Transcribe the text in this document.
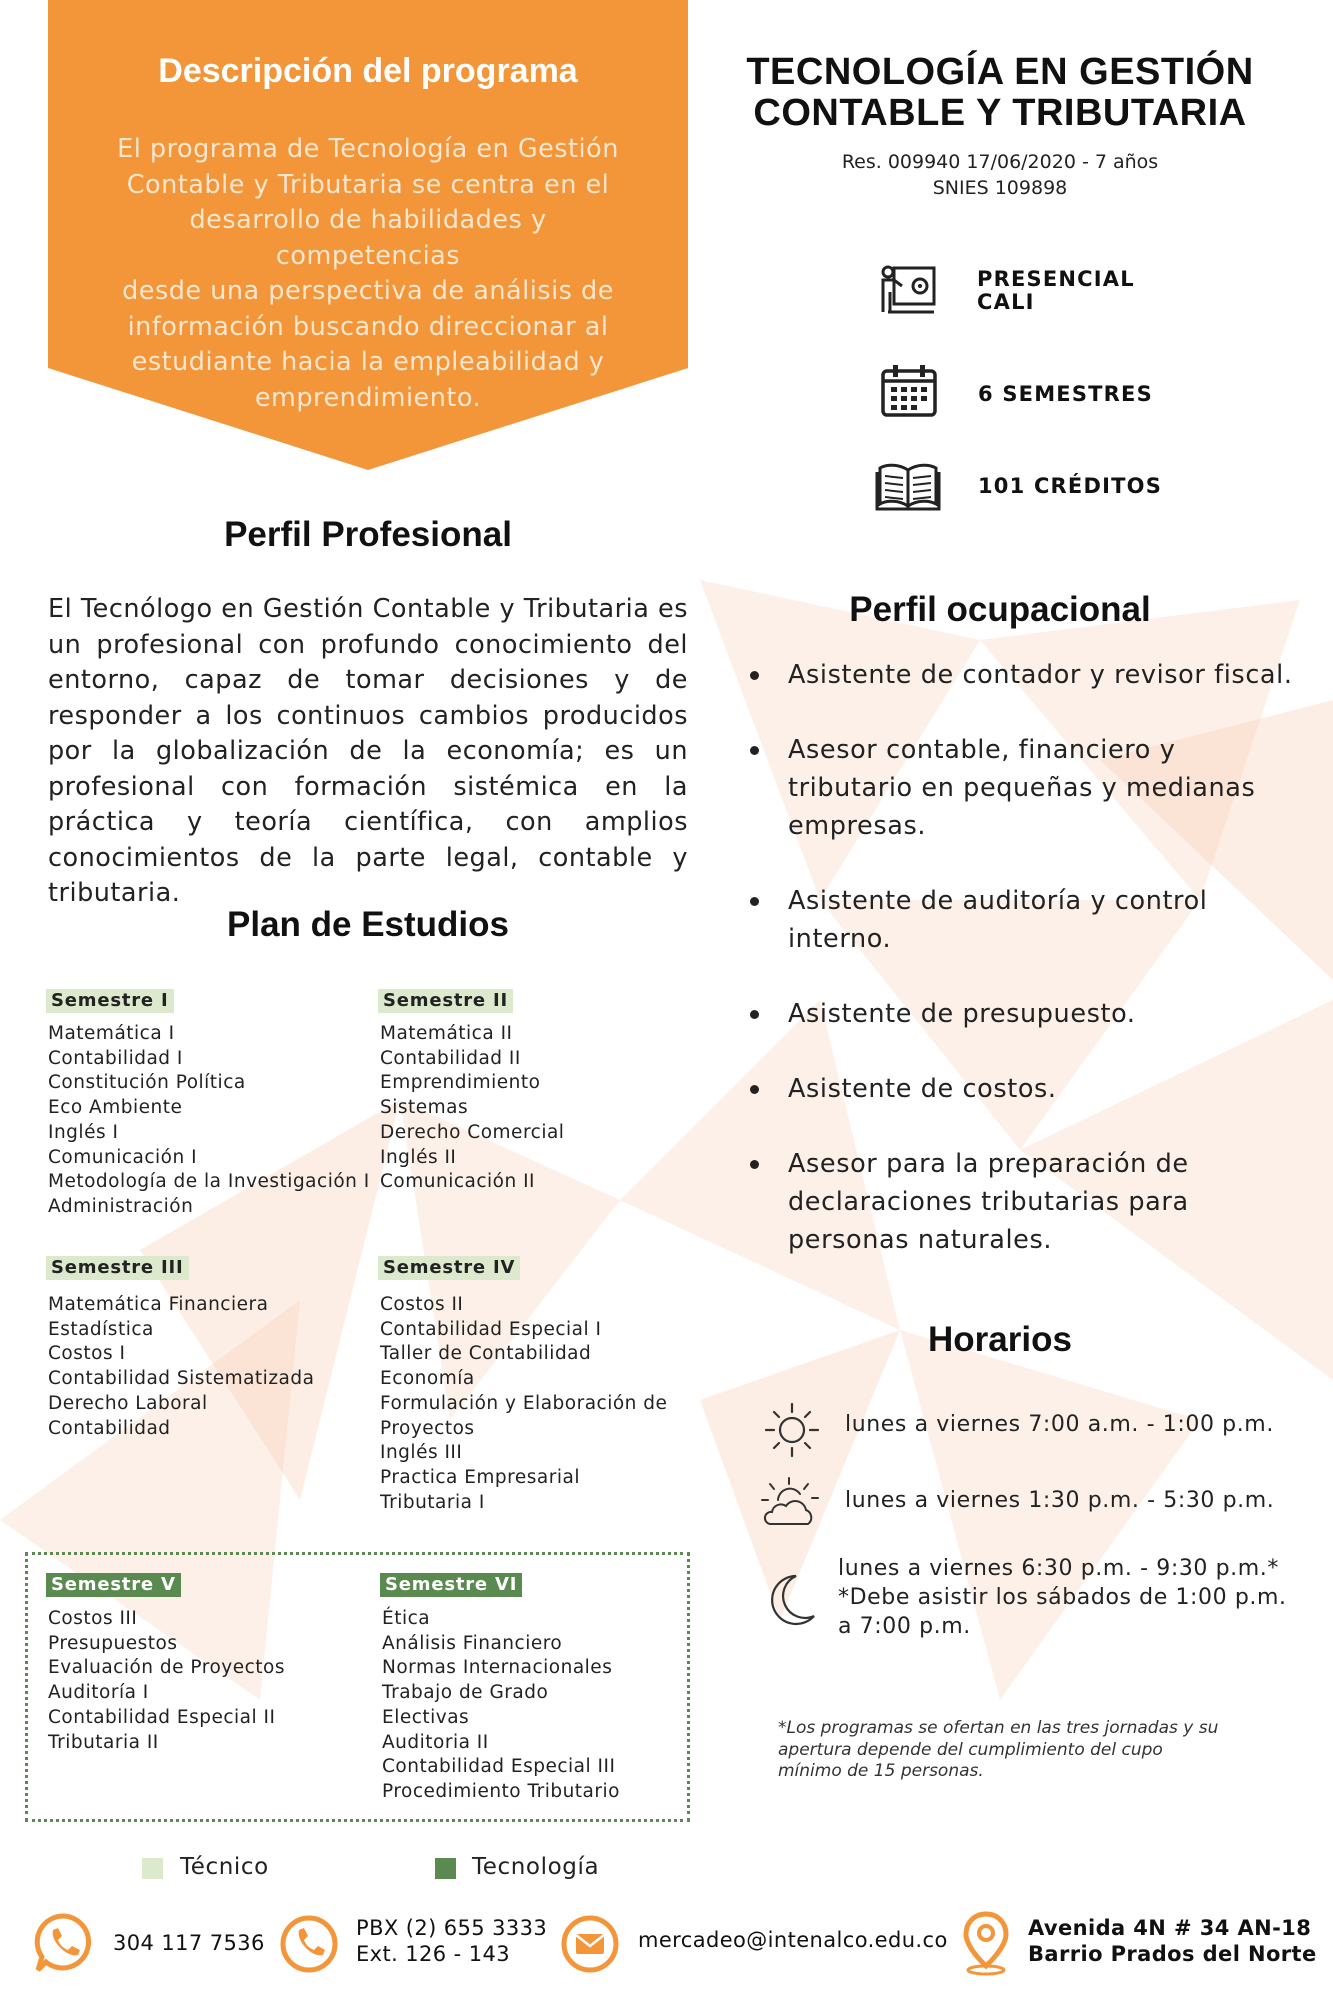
Descripción del programa
El programa de Tecnología en Gestión
Contable y Tributaria se centra en el
desarrollo de habilidades y competencias
desde una perspectiva de análisis de
información buscando direccionar al
estudiante hacia la empleabilidad y
emprendimiento.
TECNOLOGÍA EN GESTIÓN
CONTABLE Y TRIBUTARIA
Res. 009940 17/06/2020 - 7 años
SNIES 109898
PRESENCIAL
CALI
6 SEMESTRES
101 CRÉDITOS
Perfil Profesional
El Tecnólogo en Gestión Contable y Tributaria es un profesional con profundo conocimiento del entorno, capaz de tomar decisiones y de responder a los continuos cambios producidos por la globalización de la economía; es un profesional con formación sistémica en la práctica y teoría científica, con amplios conocimientos de la parte legal, contable y tributaria.
Perfil ocupacional
Asistente de contador y revisor fiscal.
Asesor contable, financiero y
tributario en pequeñas y medianas
empresas.
Asistente de auditoría y control
interno.
Asistente de presupuesto.
Asistente de costos.
Asesor para la preparación de
declaraciones tributarias para
personas naturales.
Plan de Estudios
Semestre I
Matemática I
Contabilidad I
Constitución Política
Eco Ambiente
Inglés I
Comunicación I
Metodología de la Investigación I
Administración
Semestre II
Matemática II
Contabilidad II
Emprendimiento
Sistemas
Derecho Comercial
Inglés II
Comunicación II
Semestre III
Matemática Financiera
Estadística
Costos I
Contabilidad Sistematizada
Derecho Laboral
Contabilidad
Semestre IV
Costos II
Contabilidad Especial I
Taller de Contabilidad
Economía
Formulación y Elaboración de
Proyectos
Inglés III
Practica Empresarial
Tributaria I
Semestre V
Costos III
Presupuestos
Evaluación de Proyectos
Auditoría I
Contabilidad Especial II
Tributaria II
Semestre VI
Ética
Análisis Financiero
Normas Internacionales
Trabajo de Grado
Electivas
Auditoria II
Contabilidad Especial III
Procedimiento Tributario
Técnico	Tecnología
Horarios
lunes a viernes 7:00 a.m. - 1:00 p.m.
lunes a viernes 1:30 p.m. - 5:30 p.m.
lunes a viernes 6:30 p.m. - 9:30 p.m.*
*Debe asistir los sábados de 1:00 p.m.
a 7:00 p.m.
*Los programas se ofertan en las tres jornadas y su
apertura depende del cumplimiento del cupo
mínimo de 15 personas.
304 117 7536
PBX (2) 655 3333
Ext. 126 - 143
mercadeo@intenalco.edu.co	Avenida 4N # 34 AN-18
Barrio Prados del Norte
